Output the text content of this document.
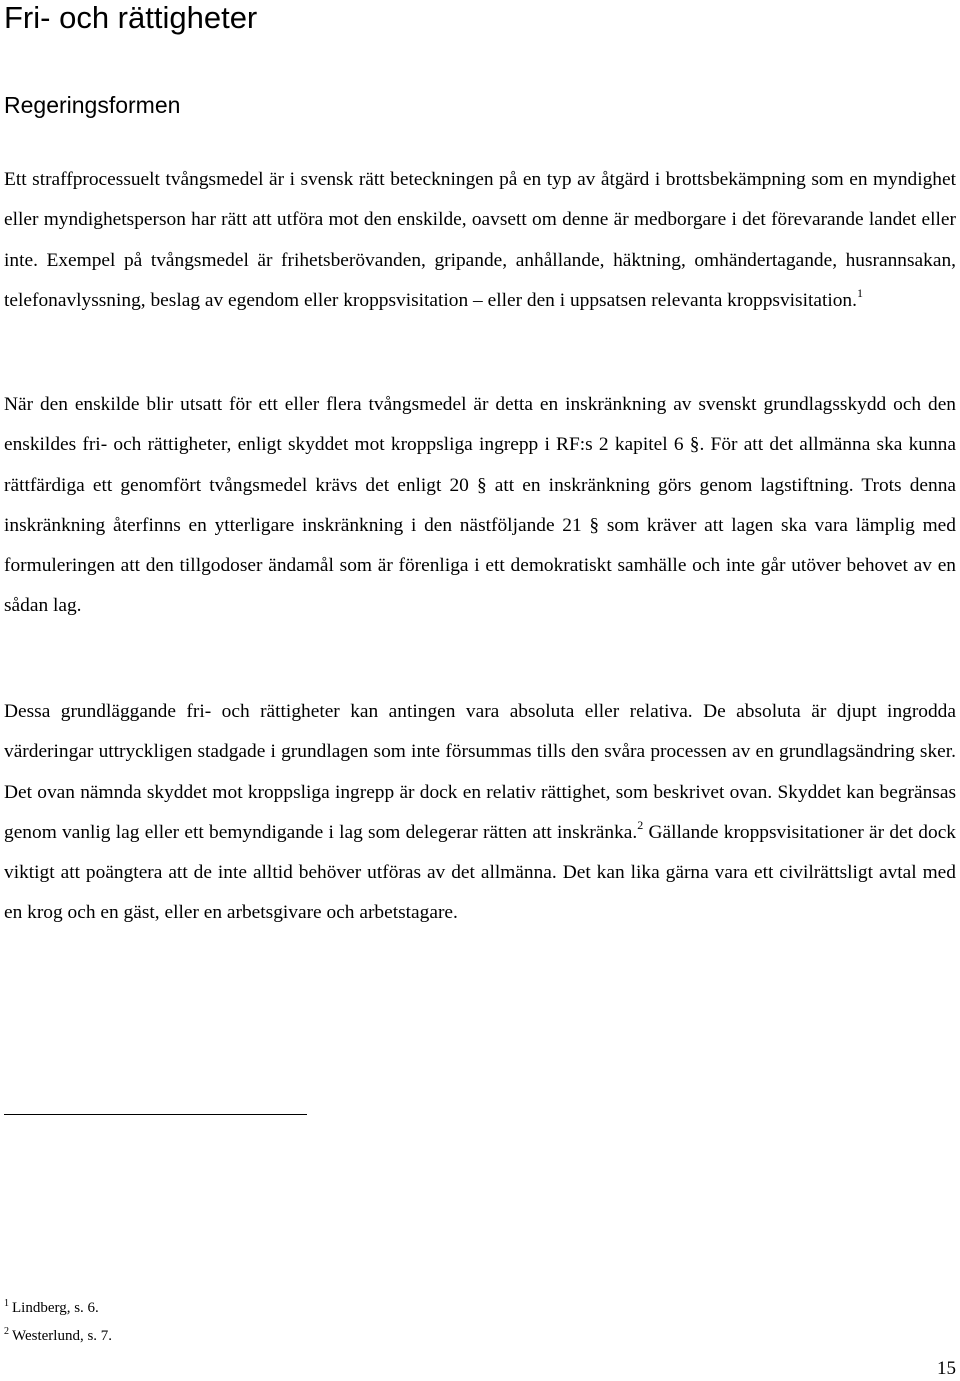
Fri- och rättigheter
Regeringsformen

Ett straffprocessuelt tvångsmedel är i svensk rätt beteckningen på en typ av åtgärd i brottsbekämpning som en myndighet eller myndighetsperson har rätt att utföra mot den enskilde, oavsett om denne är medborgare i det förevarande landet eller inte. Exempel på tvångsmedel är frihetsberövanden, gripande, anhållande, häktning, omhändertagande, husrannsakan, telefonavlyssning, beslag av egendom eller kroppsvisitation – eller den i uppsatsen relevanta kroppsvisitation.$^1$

När den enskilde blir utsatt för ett eller flera tvångsmedel är detta en inskränkning av svenskt grundlagsskydd och den enskildes fri- och rättigheter, enligt skyddet mot kroppsliga ingrepp i RF:s 2 kapitel 6 §. För att det allmänna ska kunna rättfärdiga ett genomfört tvångsmedel krävs det enligt 20 § att en inskränkning görs genom lagstiftning. Trots denna inskränkning återfinns en ytterligare inskränkning i den nästföljande 21 § som kräver att lagen ska vara lämplig med formuleringen att den tillgodoser ändamål som är förenliga i ett demokratiskt samhälle och inte går utöver behovet av en sådan lag.

Dessa grundläggande fri- och rättigheter kan antingen vara absoluta eller relativa. De absoluta är djupt ingrodda värderingar uttryckligen stadgade i grundlagen som inte försummas tills den svåra processen av en grundlagsändring sker. Det ovan nämnda skyddet mot kroppsliga ingrepp är dock en relativ rättighet, som beskrivet ovan. Skyddet kan begränsas genom vanlig lag eller ett bemyndigande i lag som delegerar rätten att inskränka.$^2$ Gällande kroppsvisitationer är det dock viktigt att poängtera att de inte alltid behöver utföras av det allmänna. Det kan lika gärna vara ett civilrättsligt avtal med en krog och en gäst, eller en arbetsgivare och arbetstagare.

$^1$ Lindberg, s. 6.
$^2$ Westerlund, s. 7.
15
